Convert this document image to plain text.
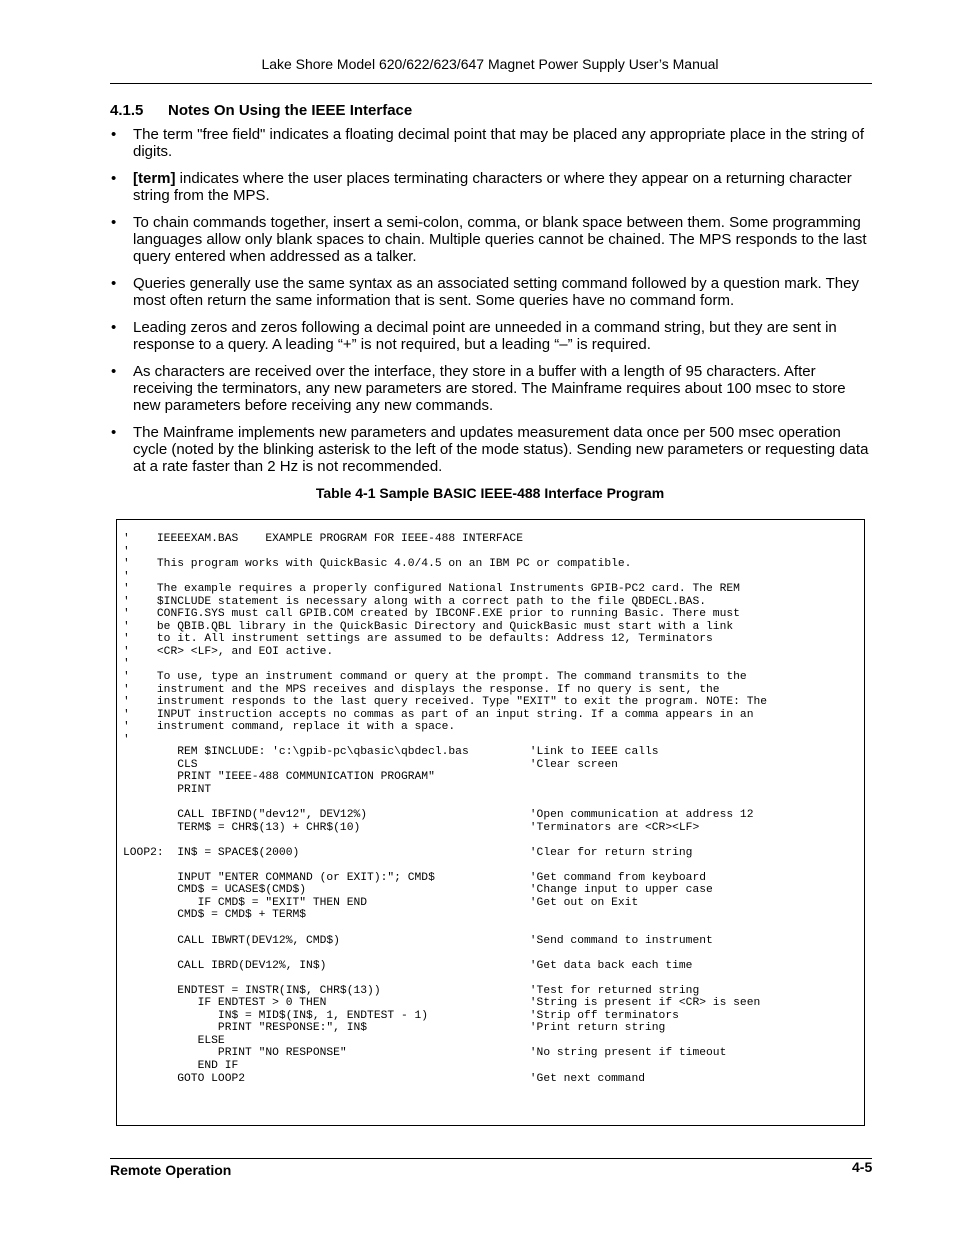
Lake Shore Model 620/622/623/647 Magnet Power Supply User’s Manual
4.1.5 Notes On Using the IEEE Interface
• The term "free field" indicates a floating decimal point that may be placed any appropriate place in the string of digits.
• [term] indicates where the user places terminating characters or where they appear on a returning character string from the MPS.
• To chain commands together, insert a semi-colon, comma, or blank space between them. Some programming languages allow only blank spaces to chain. Multiple queries cannot be chained. The MPS responds to the last query entered when addressed as a talker.
• Queries generally use the same syntax as an associated setting command followed by a question mark. They most often return the same information that is sent. Some queries have no command form.
• Leading zeros and zeros following a decimal point are unneeded in a command string, but they are sent in response to a query. A leading “+” is not required, but a leading “–” is required.
• As characters are received over the interface, they store in a buffer with a length of 95 characters. After receiving the terminators, any new parameters are stored. The Mainframe requires about 100 msec to store new parameters before receiving any new commands.
• The Mainframe implements new parameters and updates measurement data once per 500 msec operation cycle (noted by the blinking asterisk to the left of the mode status). Sending new parameters or requesting data at a rate faster than 2 Hz is not recommended.
Table 4-1 Sample BASIC IEEE-488 Interface Program
'    IEEEEXAM.BAS    EXAMPLE PROGRAM FOR IEEE-488 INTERFACE
'
'    This program works with QuickBasic 4.0/4.5 on an IBM PC or compatible.
'
'    The example requires a properly configured National Instruments GPIB-PC2 card. The REM
'    $INCLUDE statement is necessary along with a correct path to the file QBDECL.BAS.
'    CONFIG.SYS must call GPIB.COM created by IBCONF.EXE prior to running Basic. There must
'    be QBIB.QBL library in the QuickBasic Directory and QuickBasic must start with a link
'    to it. All instrument settings are assumed to be defaults: Address 12, Terminators
'    <CR> <LF>, and EOI active.
'
'    To use, type an instrument command or query at the prompt. The command transmits to the
'    instrument and the MPS receives and displays the response. If no query is sent, the
'    instrument responds to the last query received. Type "EXIT" to exit the program. NOTE: The
'    INPUT instruction accepts no commas as part of an input string. If a comma appears in an
'    instrument command, replace it with a space.
'
REM $INCLUDE: 'c:\gpib-pc\qbasic\qbdecl.bas         'Link to IEEE calls
CLS                                                 'Clear screen
PRINT "IEEE-488 COMMUNICATION PROGRAM"
PRINT

CALL IBFIND("dev12", DEV12%)                        'Open communication at address 12
TERM$ = CHR$(13) + CHR$(10)                         'Terminators are <CR><LF>

LOOP2:  IN$ = SPACE$(2000)                                  'Clear for return string

INPUT "ENTER COMMAND (or EXIT):"; CMD$              'Get command from keyboard
CMD$ = UCASE$(CMD$)                                 'Change input to upper case
IF CMD$ = "EXIT" THEN END                        'Get out on Exit
CMD$ = CMD$ + TERM$

CALL IBWRT(DEV12%, CMD$)                            'Send command to instrument

CALL IBRD(DEV12%, IN$)                              'Get data back each time

ENDTEST = INSTR(IN$, CHR$(13))                      'Test for returned string
IF ENDTEST > 0 THEN                              'String is present if <CR> is seen
IN$ = MID$(IN$, 1, ENDTEST - 1)               'Strip off terminators
PRINT "RESPONSE:", IN$                        'Print return string
ELSE
PRINT "NO RESPONSE"                           'No string present if timeout
END IF
GOTO LOOP2                                          'Get next command

Remote Operation	4-5
